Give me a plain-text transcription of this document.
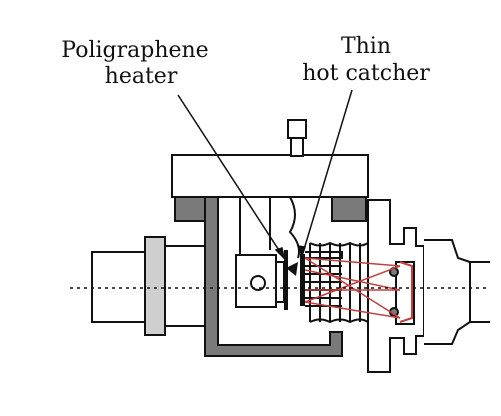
Poligraphene
heater
Thin
hot catcher
